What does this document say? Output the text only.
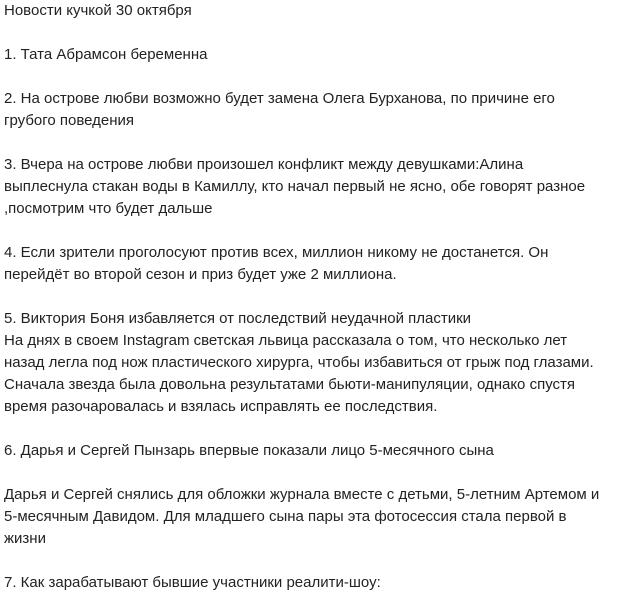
Новости кучкой 30 октября
1. Тата Абрамсон беременна
2. На острове любви возможно будет замена Олега Бурханова, по причине его
грубого поведения
3. Вчера на острове любви произошел конфликт между девушками:Алина
выплеснула стакан воды в Камиллу, кто начал первый не ясно, обе говорят разное
,посмотрим что будет дальше
4. Если зрители проголосуют против всех, миллион никому не достанется. Он
перейдёт во второй сезон и приз будет уже 2 миллиона.
5. Виктория Боня избавляется от последствий неудачной пластики
На днях в своем Instagram светская львица рассказала о том, что несколько лет
назад легла под нож пластического хирурга, чтобы избавиться от грыж под глазами.
Сначала звезда была довольна результатами бьюти-манипуляции, однако спустя
время разочаровалась и взялась исправлять ее последствия.
6. Дарья и Сергей Пынзарь впервые показали лицо 5-месячного сына
Дарья и Сергей снялись для обложки журнала вместе с детьми, 5-летним Артемом и
5-месячным Давидом. Для младшего сына пары эта фотосессия стала первой в
жизни
7. Как зарабатывают бывшие участники реалити-шоу:
